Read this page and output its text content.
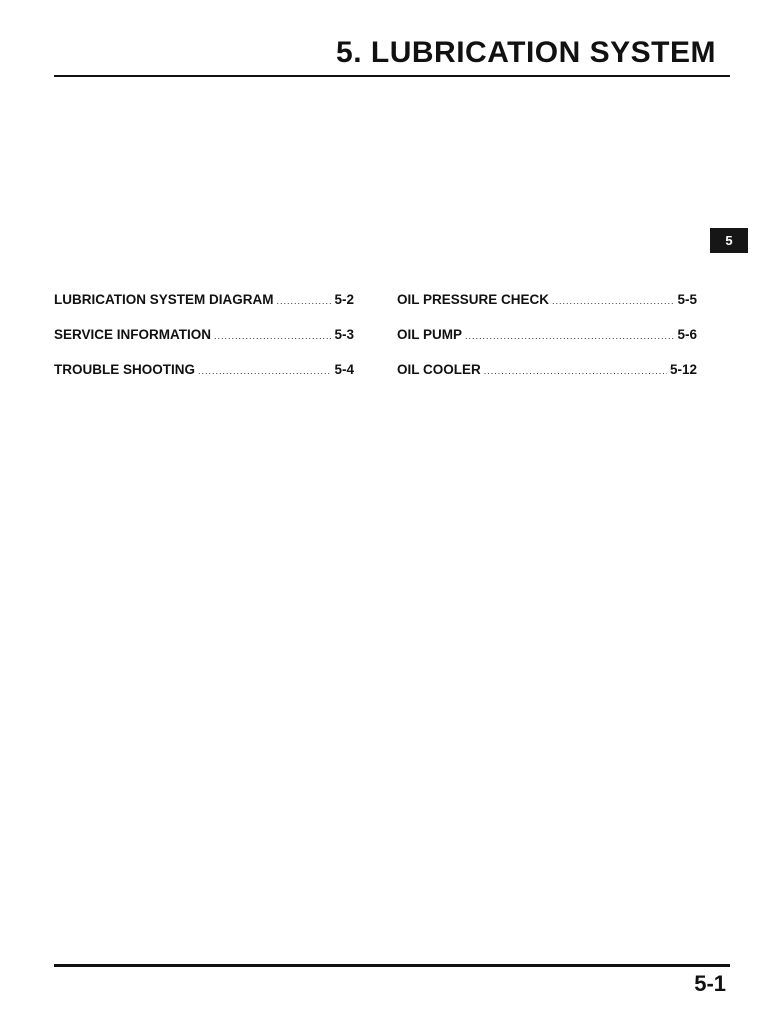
5. LUBRICATION SYSTEM
5
LUBRICATION SYSTEM DIAGRAM .....	5-2
SERVICE INFORMATION .....	5-3
TROUBLE SHOOTING .....	5-4
OIL PRESSURE CHECK .....	5-5
OIL PUMP .....	5-6
OIL COOLER .....	5-12
5-1
